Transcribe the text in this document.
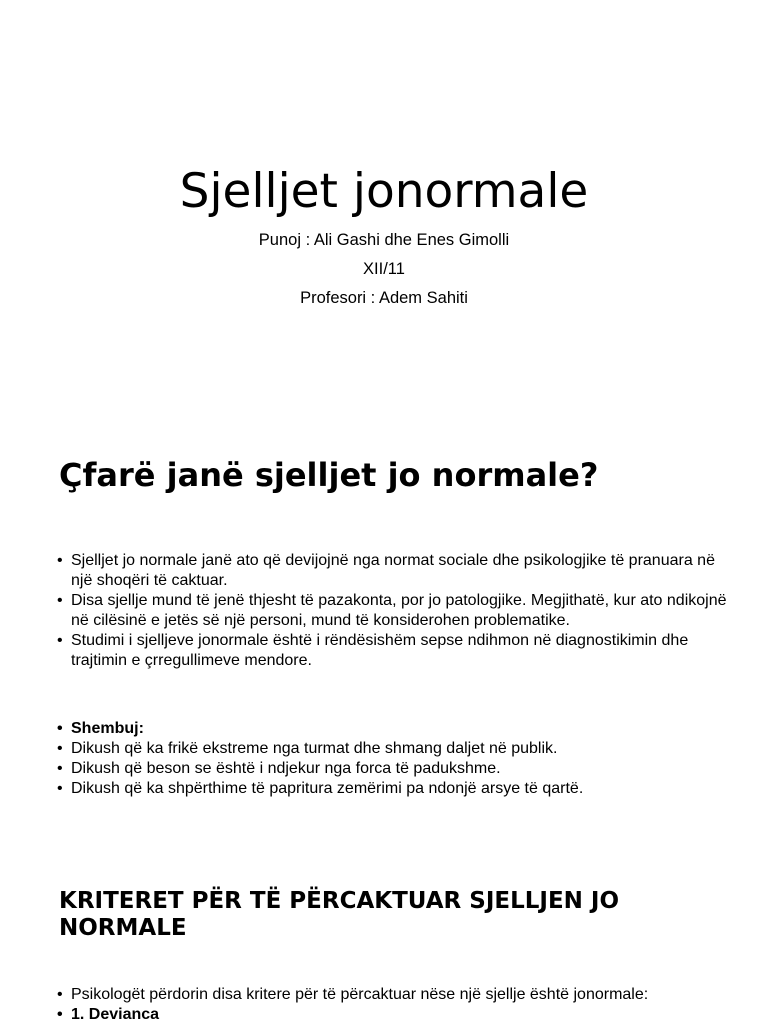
Sjelljet jonormale
Punoj : Ali Gashi dhe Enes Gimolli
XII/11
Profesori : Adem Sahiti
Çfarë janë sjelljet jo normale?
• Sjelljet jo normale janë ato që devijojnë nga normat sociale dhe psikologjike të pranuara në një shoqëri të caktuar.
• Disa sjellje mund të jenë thjesht të pazakonta, por jo patologjike. Megjithatë, kur ato ndikojnë në cilësinë e jetës së një personi, mund të konsiderohen problematike.
• Studimi i sjelljeve jonormale është i rëndësishëm sepse ndihmon në diagnostikimin dhe trajtimin e çrregullimeve mendore.
• Shembuj:
• Dikush që ka frikë ekstreme nga turmat dhe shmang daljet në publik.
• Dikush që beson se është i ndjekur nga forca të padukshme.
• Dikush që ka shpërthime të papritura zemërimi pa ndonjë arsye të qartë.
KRITERET PËR TË PËRCAKTUAR SJELLJEN JO NORMALE
• Psikologët përdorin disa kritere për të përcaktuar nëse një sjellje është jonormale:
• 1. Devianca
